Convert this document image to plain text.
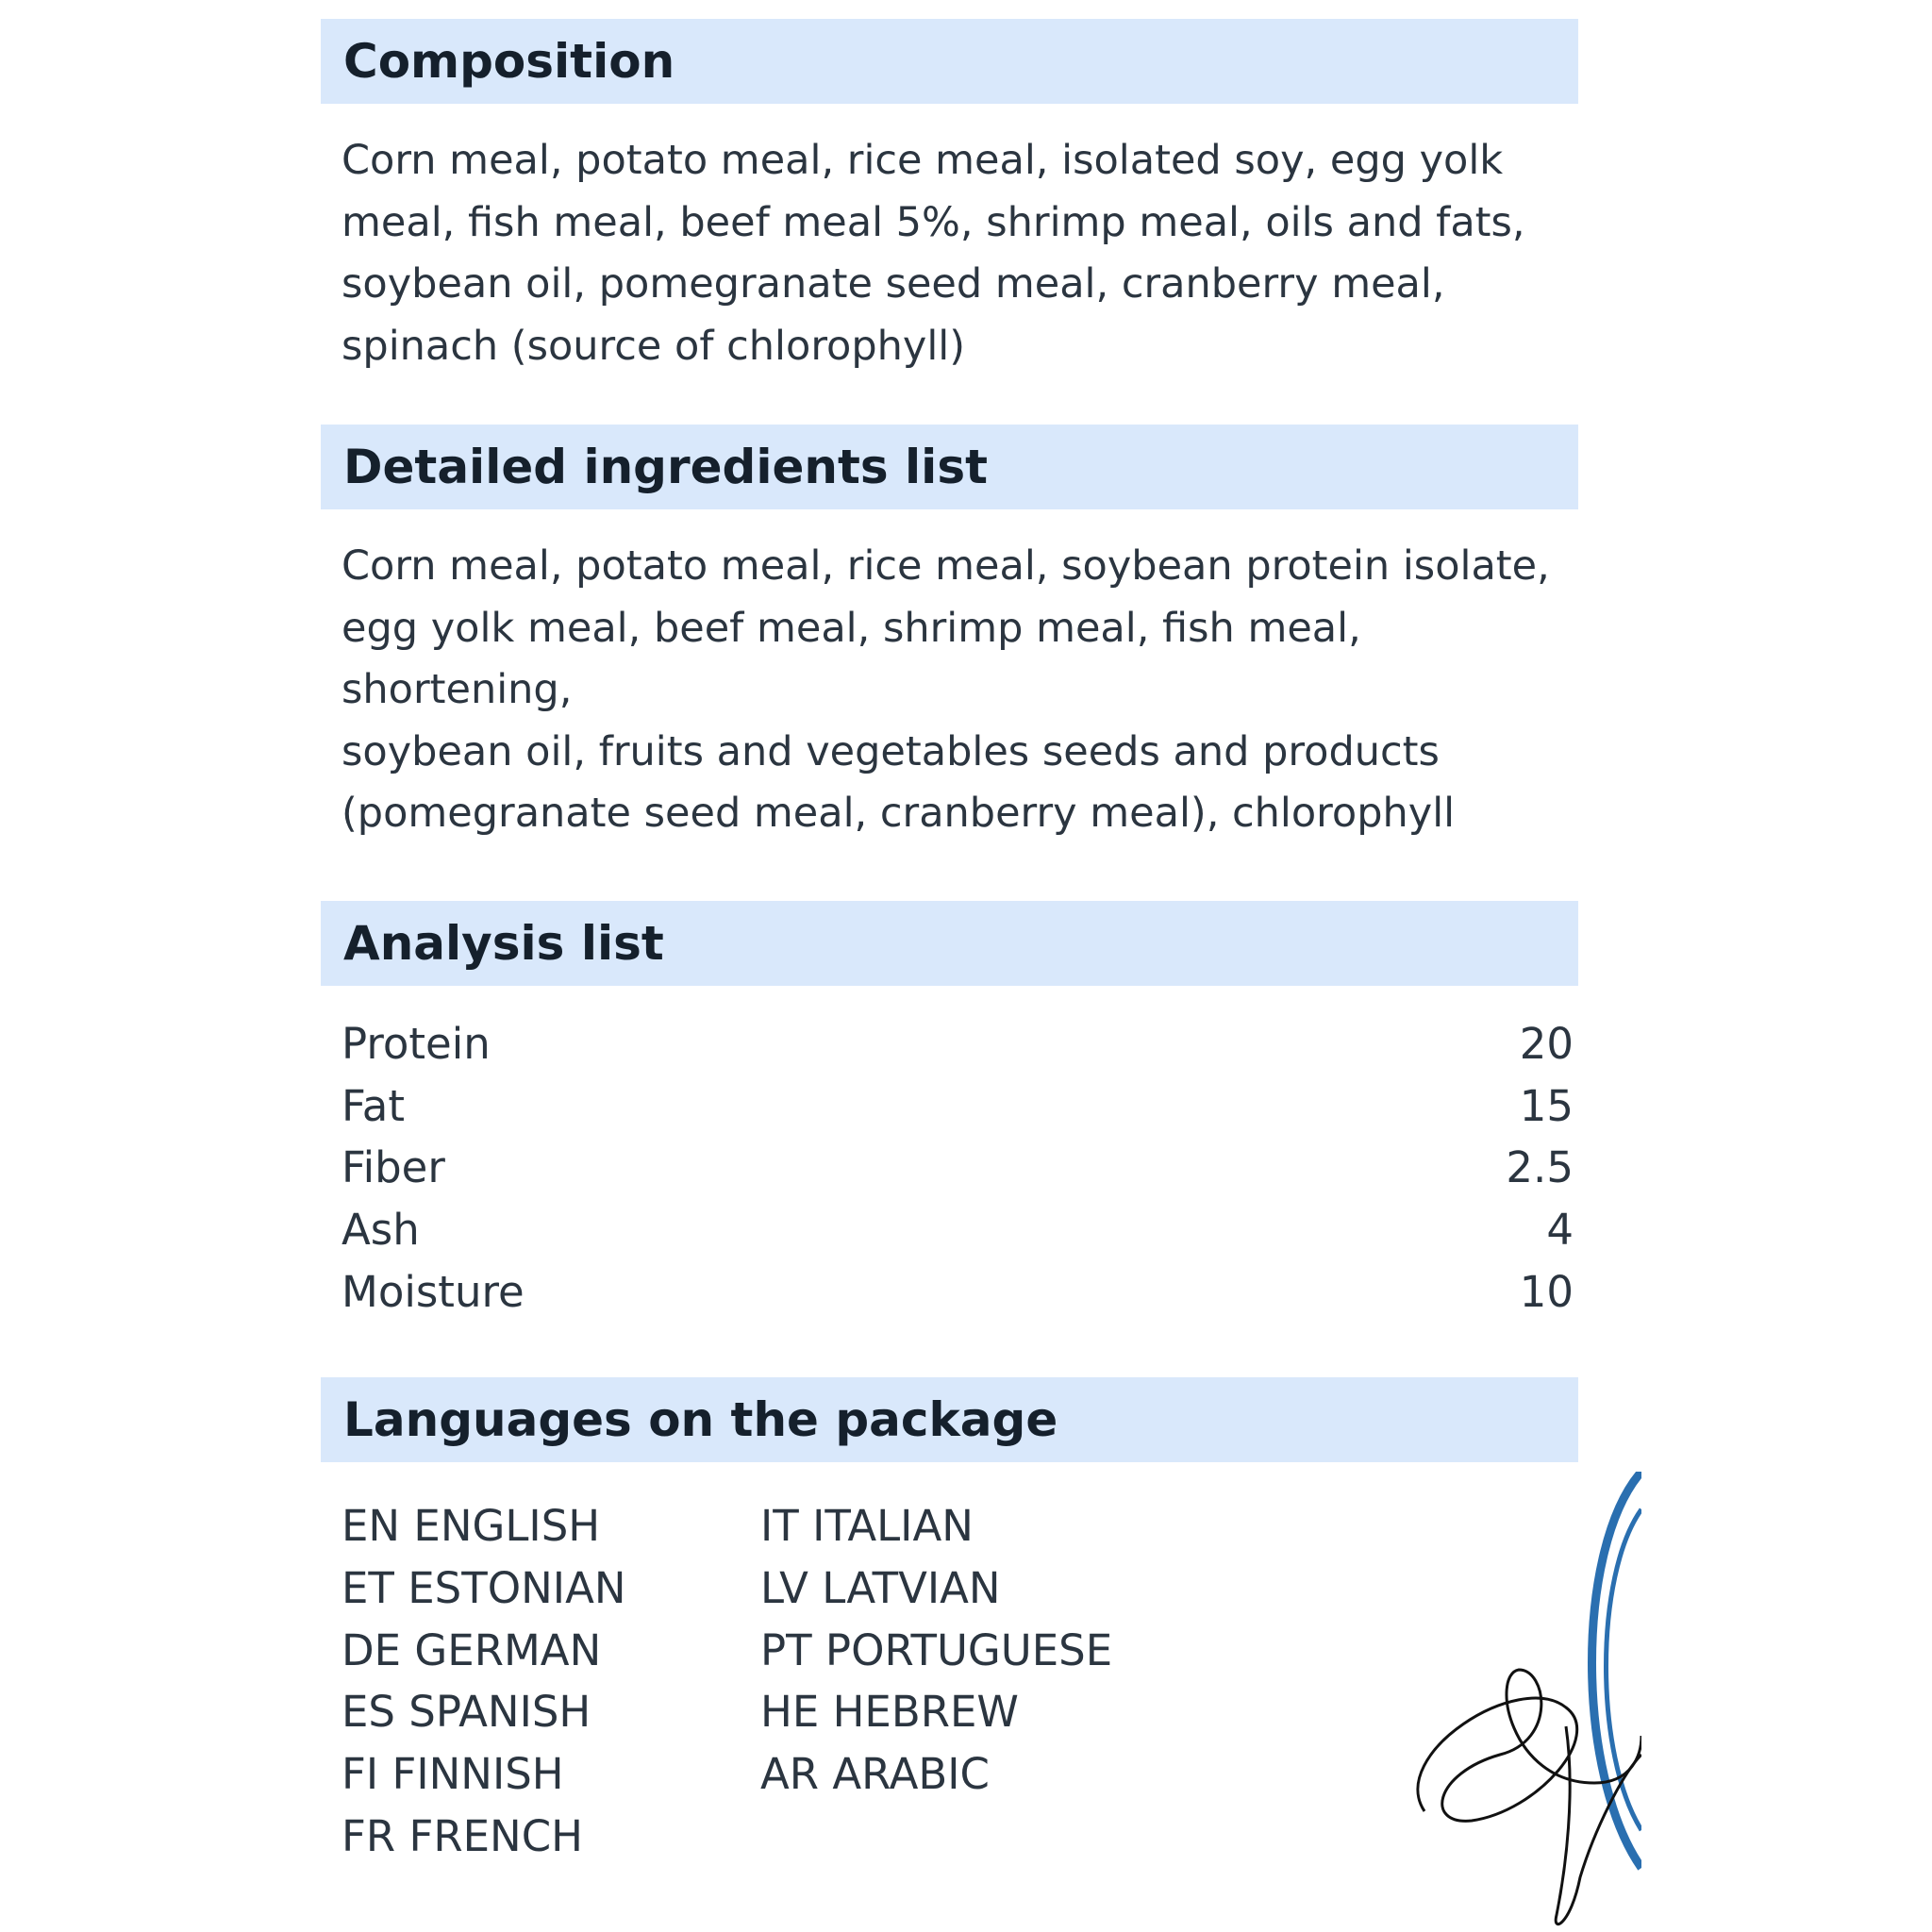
Composition
Corn meal, potato meal, rice meal, isolated soy, egg yolk
meal, fish meal, beef meal 5%, shrimp meal, oils and fats,
soybean oil, pomegranate seed meal, cranberry meal,
spinach (source of chlorophyll)
Detailed ingredients list
Corn meal, potato meal, rice meal, soybean protein isolate,
egg yolk meal, beef meal, shrimp meal, fish meal, shortening,
soybean oil, fruits and vegetables seeds and products
(pomegranate seed meal, cranberry meal), chlorophyll
Analysis list
Protein	20
Fat	15
Fiber	2.5
Ash	4
Moisture	10
Languages on the package
EN ENGLISH
ET ESTONIAN
DE GERMAN
ES SPANISH
FI FINNISH
FR FRENCH
IT ITALIAN
LV LATVIAN
PT PORTUGUESE
HE HEBREW
AR ARABIC
